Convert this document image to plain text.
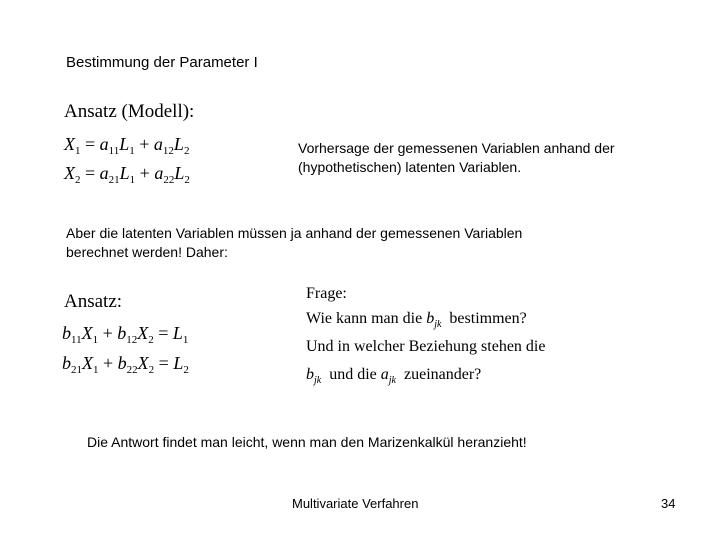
Bestimmung der Parameter I
Ansatz (Modell):
$X_1 = a_{11}L_1 + a_{12}L_2$
$X_2 = a_{21}L_1 + a_{22}L_2$
Vorhersage der gemessenen Variablen anhand der
(hypothetischen) latenten Variablen.
Aber die latenten Variablen müssen ja anhand der gemessenen Variablen
berechnet werden! Daher:
Ansatz:
$b_{11}X_1 + b_{12}X_2 = L_1$
$b_{21}X_1 + b_{22}X_2 = L_2$
Frage:
Wie kann man die $b_{jk}$  bestimmen?
Und in welcher Beziehung stehen die
$b_{jk}$  und die $a_{jk}$  zueinander?
Die Antwort findet man leicht, wenn man den Marizenkalkül heranzieht!
Multivariate Verfahren	34
